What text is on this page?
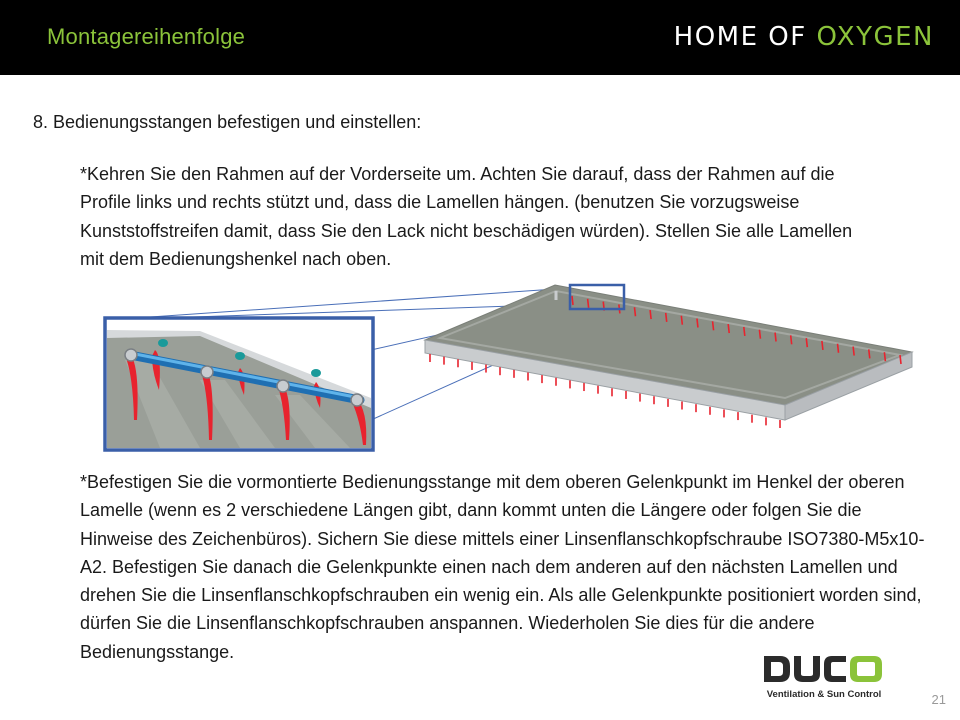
Montagereihenfolge	HOME OF OXYGEN
8. Bedienungsstangen befestigen und einstellen:
*Kehren Sie den Rahmen auf der Vorderseite um. Achten Sie darauf, dass der Rahmen auf die Profile links und rechts stützt und, dass die Lamellen hängen. (benutzen Sie vorzugsweise Kunststoffstreifen damit, dass Sie den Lack nicht beschädigen würden). Stellen Sie alle Lamellen mit dem Bedienungshenkel nach oben.
*Befestigen Sie die vormontierte Bedienungsstange mit dem oberen Gelenkpunkt im Henkel der oberen Lamelle (wenn es 2 verschiedene Längen gibt, dann kommt unten die Längere oder folgen Sie die Hinweise des Zeichenbüros). Sichern Sie diese mittels einer Linsenflanschkopfschraube ISO7380-M5x10-A2. Befestigen Sie danach die Gelenkpunkte einen nach dem anderen auf den nächsten Lamellen und drehen Sie die Linsenflanschkopfschrauben ein wenig ein. Als alle Gelenkpunkte positioniert worden sind, dürfen Sie die Linsenflanschkopfschrauben anspannen. Wiederholen Sie dies für die andere Bedienungsstange.
Ventilation & Sun Control	21
